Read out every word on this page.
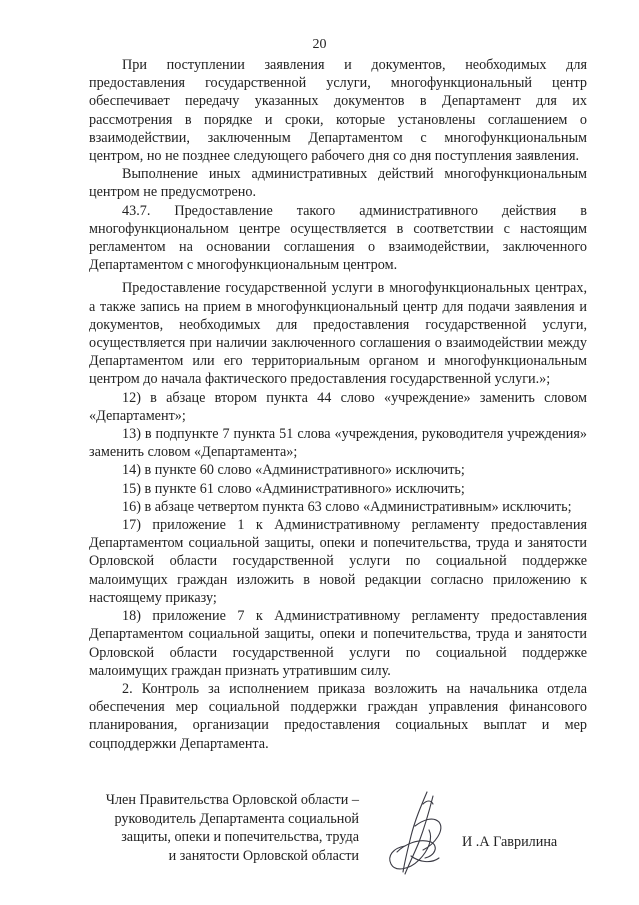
20

При поступлении заявления и документов, необходимых для предоставления государственной услуги, многофункциональный центр обеспечивает передачу указанных документов в Департамент для их рассмотрения в порядке и сроки, которые установлены соглашением о взаимодействии, заключенным Департаментом с многофункциональным центром, но не позднее следующего рабочего дня со дня поступления заявления.

Выполнение иных административных действий многофункциональным центром не предусмотрено.

43.7. Предоставление такого административного действия в многофункциональном центре осуществляется в соответствии с настоящим регламентом на основании соглашения о взаимодействии, заключенного Департаментом с многофункциональным центром.

Предоставление государственной услуги в многофункциональных центрах, а также запись на прием в многофункциональный центр для подачи заявления и документов, необходимых для предоставления государственной услуги, осуществляется при наличии заключенного соглашения о взаимодействии между Департаментом или его территориальным органом и многофункциональным центром до начала фактического предоставления государственной услуги.»;

12) в абзаце втором пункта 44 слово «учреждение» заменить словом «Департамент»;

13) в подпункте 7 пункта 51 слова «учреждения, руководителя учреждения» заменить словом «Департамента»;

14) в пункте 60 слово «Административного» исключить;

15) в пункте 61 слово «Административного» исключить;

16) в абзаце четвертом пункта 63 слово «Административным» исключить;

17) приложение 1 к Административному регламенту предоставления Департаментом социальной защиты, опеки и попечительства, труда и занятости Орловской области государственной услуги по социальной поддержке малоимущих граждан изложить в новой редакции согласно приложению к настоящему приказу;

18) приложение 7 к Административному регламенту предоставления Департаментом социальной защиты, опеки и попечительства, труда и занятости Орловской области государственной услуги по социальной поддержке малоимущих граждан признать утратившим силу.

2. Контроль за исполнением приказа возложить на начальника отдела обеспечения мер социальной поддержки граждан управления финансового планирования, организации предоставления социальных выплат и мер соцподдержки Департамента.

Член Правительства Орловской области –
руководитель Департамента социальной
защиты, опеки и попечительства, труда
и занятости Орловской области
И .А Гаврилина
